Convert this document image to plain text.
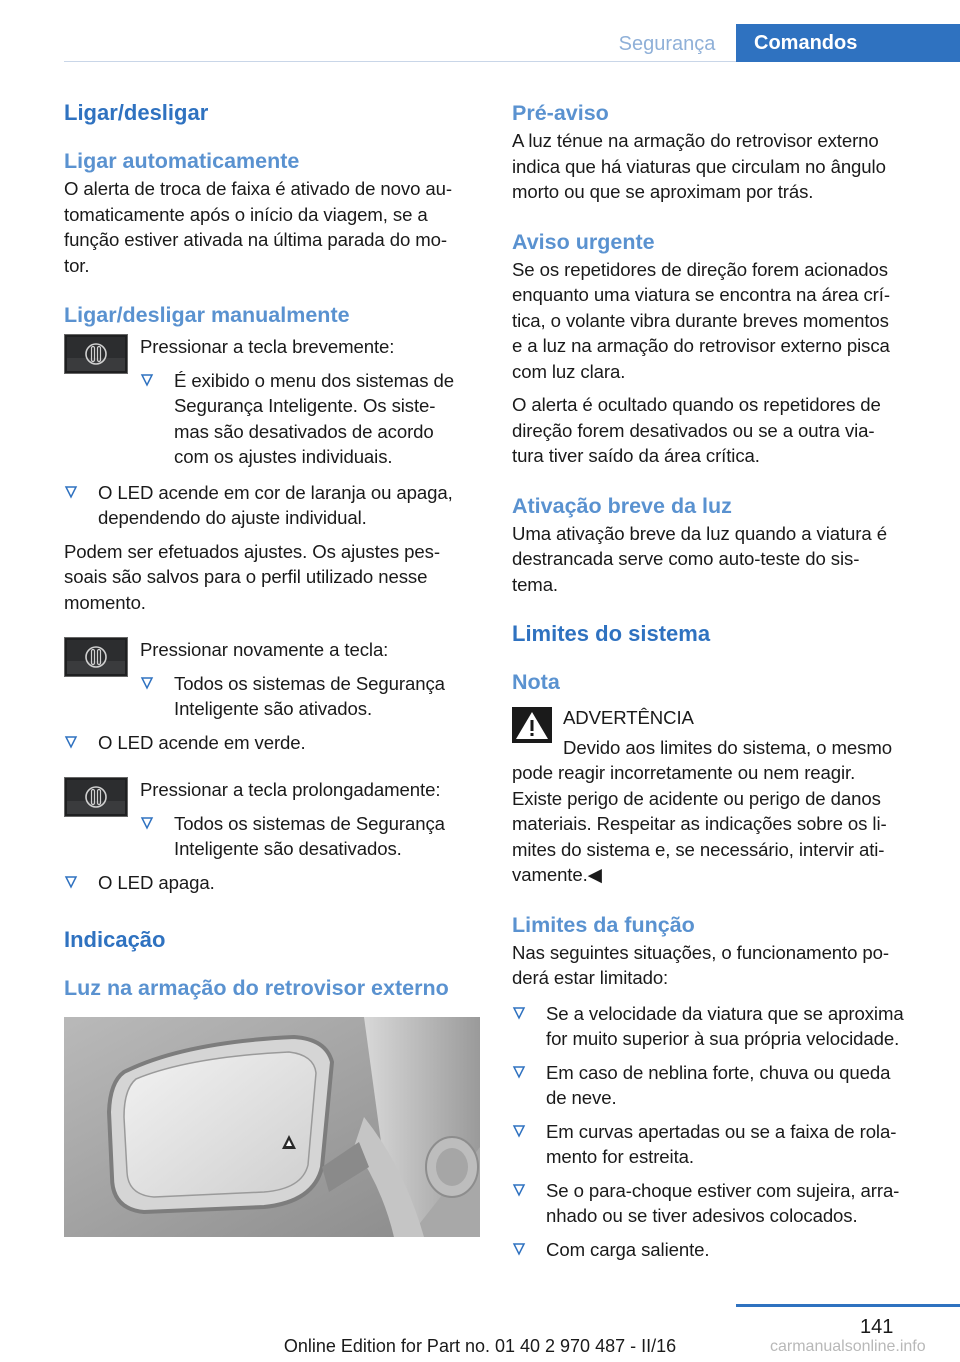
Segurança	Comandos
Ligar/desligar
Ligar automaticamente
O alerta de troca de faixa é ativado de novo au‐
tomaticamente após o início da viagem, se a
função estiver ativada na última parada do mo‐
tor.
Ligar/desligar manualmente
Pressionar a tecla brevemente:
É exibido o menu dos sistemas de
Segurança Inteligente. Os siste‐
mas são desativados de acordo
com os ajustes individuais.
O LED acende em cor de laranja ou apaga,
dependendo do ajuste individual.
Podem ser efetuados ajustes. Os ajustes pes‐
soais são salvos para o perfil utilizado nesse
momento.
Pressionar novamente a tecla:
Todos os sistemas de Segurança
Inteligente são ativados.
O LED acende em verde.
Pressionar a tecla prolongadamente:
Todos os sistemas de Segurança
Inteligente são desativados.
O LED apaga.
Indicação
Luz na armação do retrovisor externo
Pré-aviso
A luz ténue na armação do retrovisor externo
indica que há viaturas que circulam no ângulo
morto ou que se aproximam por trás.
Aviso urgente
Se os repetidores de direção forem acionados
enquanto uma viatura se encontra na área crí‐
tica, o volante vibra durante breves momentos
e a luz na armação do retrovisor externo pisca
com luz clara.
O alerta é ocultado quando os repetidores de
direção forem desativados ou se a outra via‐
tura tiver saído da área crítica.
Ativação breve da luz
Uma ativação breve da luz quando a viatura é
destrancada serve como auto-teste do sis‐
tema.
Limites do sistema
Nota
ADVERTÊNCIA
Devido aos limites do sistema, o mesmo
pode reagir incorretamente ou nem reagir.
Existe perigo de acidente ou perigo de danos
materiais. Respeitar as indicações sobre os li‐
mites do sistema e, se necessário, intervir ati‐
vamente.◀
Limites da função
Nas seguintes situações, o funcionamento po‐
derá estar limitado:
Se a velocidade da viatura que se aproxima
for muito superior à sua própria velocidade.
Em caso de neblina forte, chuva ou queda
de neve.
Em curvas apertadas ou se a faixa de rola‐
mento for estreita.
Se o para-choque estiver com sujeira, arra‐
nhado ou se tiver adesivos colocados.
Com carga saliente.
141
Online Edition for Part no. 01 40 2 970 487 - II/16	carmanualsonline.info
